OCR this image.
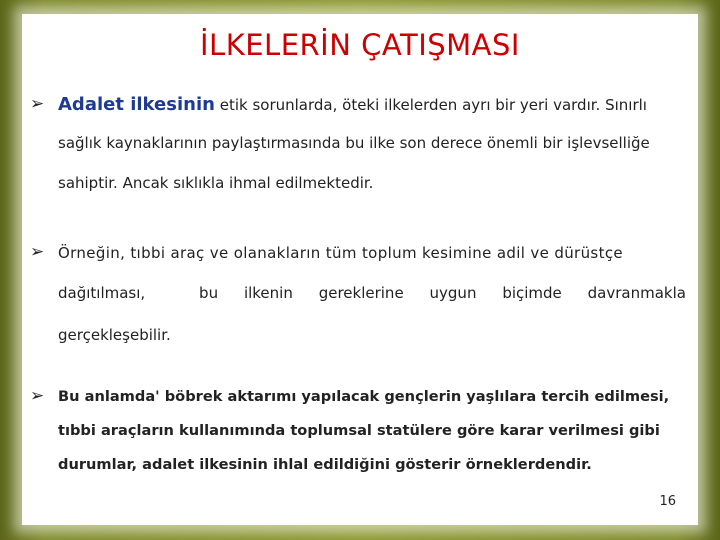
İLKELERİN ÇATIŞMASI
➢ Adalet ilkesinin etik sorunlarda, öteki ilkelerden ayrı bir yeri vardır. Sınırlı
sağlık kaynaklarının paylaştırmasında bu ilke son derece önemli bir işlevselliğe
sahiptir. Ancak sıklıkla ihmal edilmektedir.
➢ Örneğin, tıbbi araç ve olanakların tüm toplum kesimine adil ve dürüstçe
dağıtılması,	bu ilkenin gereklerine uygun biçimde davranmakla
gerçekleşebilir.
➢ Bu anlamda' böbrek aktarımı yapılacak gençlerin yaşlılara tercih edilmesi,
tıbbi araçların kullanımında toplumsal statülere göre karar verilmesi gibi
durumlar, adalet ilkesinin ihlal edildiğini gösterir örneklerdendir.
16
